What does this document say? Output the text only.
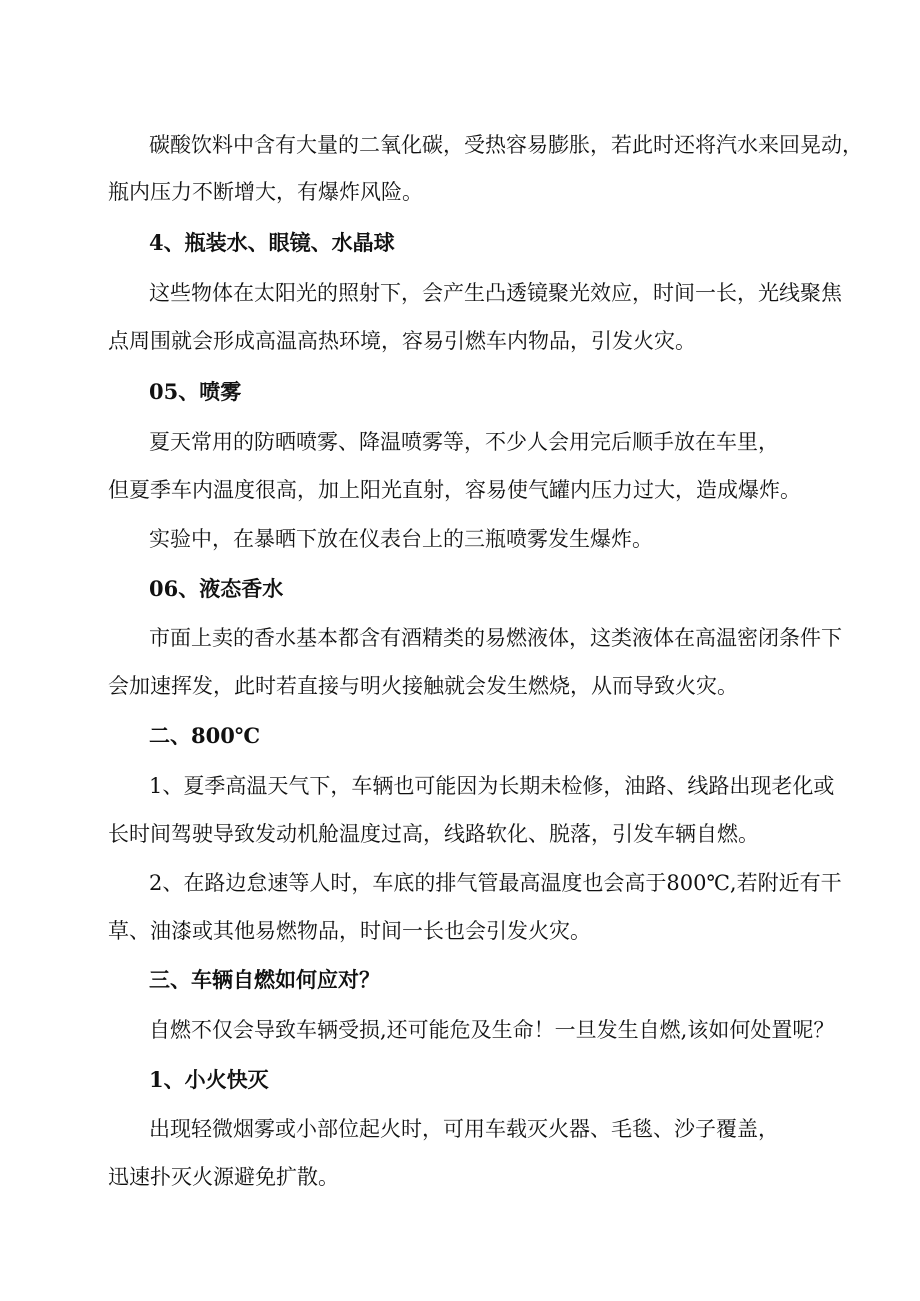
碳酸饮料中含有大量的二氧化碳，受热容易膨胀，若此时还将汽水来回晃动，
瓶内压力不断增大，有爆炸风险。
4、瓶装水、眼镜、水晶球
这些物体在太阳光的照射下，会产生凸透镜聚光效应，时间一长，光线聚焦
点周围就会形成高温高热环境，容易引燃车内物品，引发火灾。
05、喷雾
夏天常用的防晒喷雾、降温喷雾等，不少人会用完后顺手放在车里，
但夏季车内温度很高，加上阳光直射，容易使气罐内压力过大，造成爆炸。
实验中，在暴晒下放在仪表台上的三瓶喷雾发生爆炸。
06、液态香水
市面上卖的香水基本都含有酒精类的易燃液体，这类液体在高温密闭条件下
会加速挥发，此时若直接与明火接触就会发生燃烧，从而导致火灾。
二、800℃
1、夏季高温天气下，车辆也可能因为长期未检修，油路、线路出现老化或
长时间驾驶导致发动机舱温度过高，线路软化、脱落，引发车辆自燃。
2、在路边怠速等人时，车底的排气管最高温度也会高于800℃,若附近有干
草、油漆或其他易燃物品，时间一长也会引发火灾。
三、车辆自燃如何应对？
自燃不仅会导致车辆受损,还可能危及生命！一旦发生自燃,该如何处置呢？
1、小火快灭
出现轻微烟雾或小部位起火时，可用车载灭火器、毛毯、沙子覆盖，
迅速扑灭火源避免扩散。
